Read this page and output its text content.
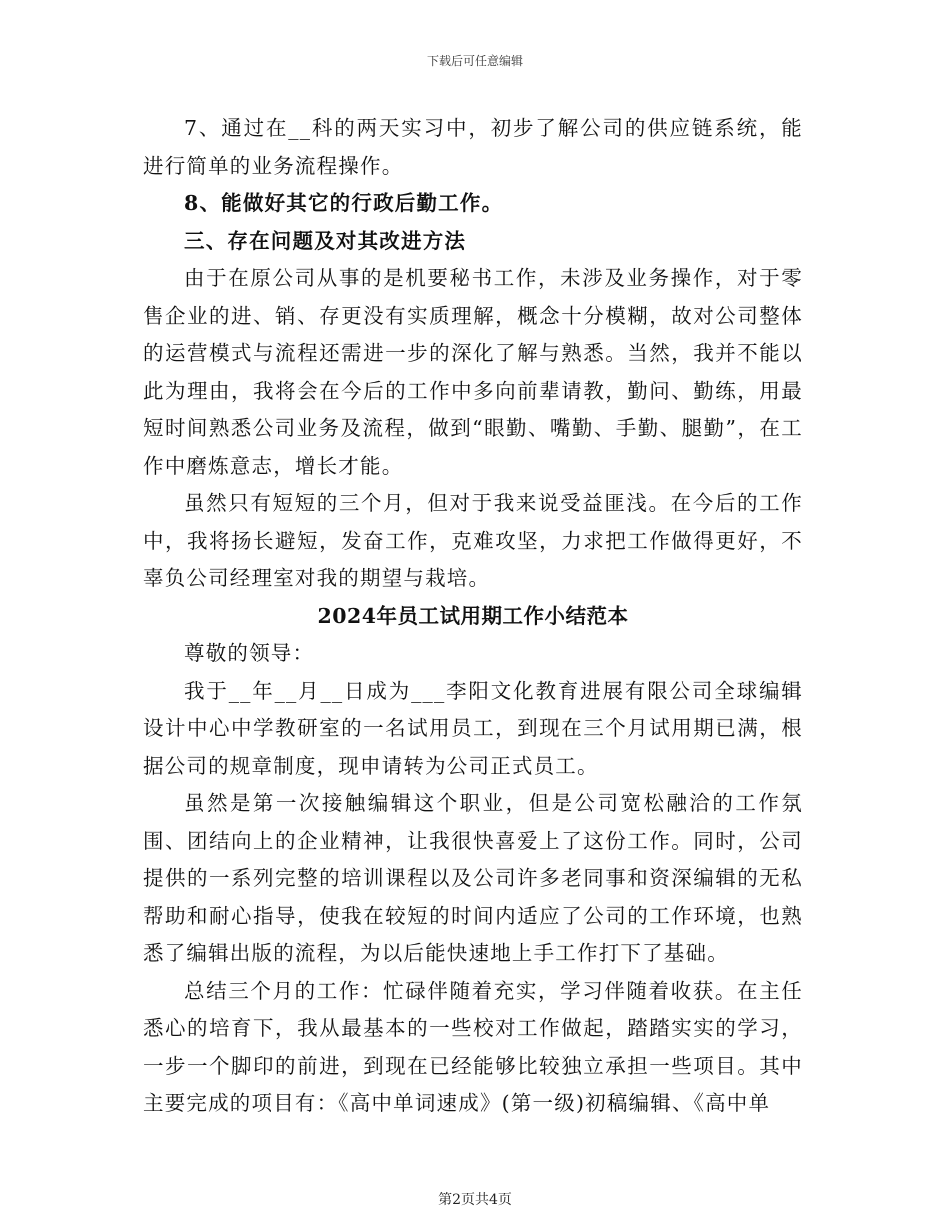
下载后可任意编辑

7、通过在__科的两天实习中，初步了解公司的供应链系统，能进行简单的业务流程操作。

8、能做好其它的行政后勤工作。

三、存在问题及对其改进方法

由于在原公司从事的是机要秘书工作，未涉及业务操作，对于零售企业的进、销、存更没有实质理解，概念十分模糊，故对公司整体的运营模式与流程还需进一步的深化了解与熟悉。当然，我并不能以此为理由，我将会在今后的工作中多向前辈请教，勤问、勤练，用最短时间熟悉公司业务及流程，做到“眼勤、嘴勤、手勤、腿勤”，在工作中磨炼意志，增长才能。

虽然只有短短的三个月，但对于我来说受益匪浅。在今后的工作中，我将扬长避短，发奋工作，克难攻坚，力求把工作做得更好，不辜负公司经理室对我的期望与栽培。

2024年员工试用期工作小结范本

尊敬的领导：

我于__年__月__日成为___李阳文化教育进展有限公司全球编辑设计中心中学教研室的一名试用员工，到现在三个月试用期已满，根据公司的规章制度，现申请转为公司正式员工。

虽然是第一次接触编辑这个职业，但是公司宽松融洽的工作氛围、团结向上的企业精神，让我很快喜爱上了这份工作。同时，公司提供的一系列完整的培训课程以及公司许多老同事和资深编辑的无私帮助和耐心指导，使我在较短的时间内适应了公司的工作环境，也熟悉了编辑出版的流程，为以后能快速地上手工作打下了基础。

总结三个月的工作：忙碌伴随着充实，学习伴随着收获。在主任悉心的培育下，我从最基本的一些校对工作做起，踏踏实实的学习，一步一个脚印的前进，到现在已经能够比较独立承担一些项目。其中主要完成的项目有：《高中单词速成》(第一级)初稿编辑、《高中单

第2页共4页
